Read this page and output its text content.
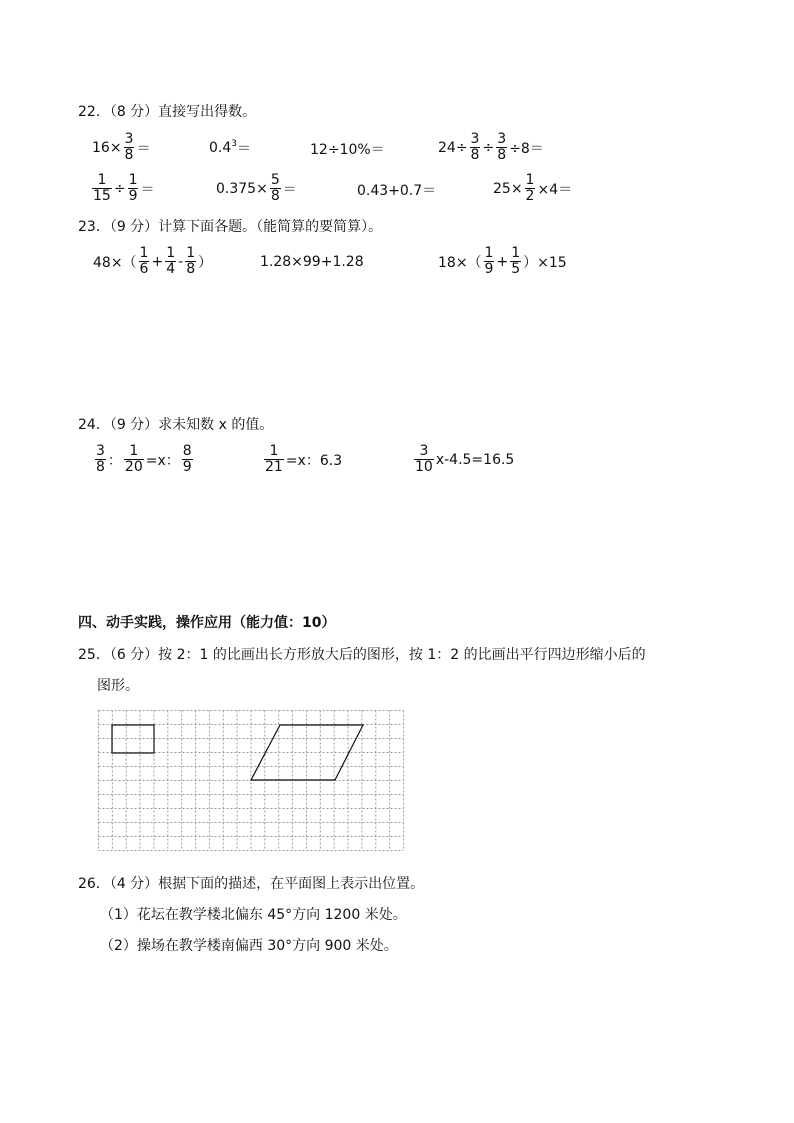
22．（8 分）直接写出得数。
$16\times \frac{3}{8}$ ＝	$0.4^3$ ＝	12÷10%＝	$24\div \frac{3}{8} \div \frac{3}{8} \div 8=$
$\frac{1}{15} \div \frac{1}{9}$ ＝	$0.375\times \frac{5}{8}$ ＝	0.43+0.7＝	$25\times \frac{1}{2} \times 4=$
23．（9 分）计算下面各题。（能简算的要简算）。
$48\times( \frac{1}{6} + \frac{1}{4} - \frac{1}{8}$ ）	1.28×99+1.28	$18\times( \frac{1}{9} + \frac{1}{5} )\times 15$
24．（9 分）求未知数 x 的值。
$\frac{3}{8}$ ： $\frac{1}{20} =x$： $\frac{8}{9}$	$\frac{1}{21} =x$：6.3	$\frac{3}{10} x-4.5=16.5$
四、动手实践，操作应用（能力值：10）
25．（6 分）按 2：1 的比画出长方形放大后的图形，按 1：2 的比画出平行四边形缩小后的
图形。
26．（4 分）根据下面的描述，在平面图上表示出位置。
（1）花坛在教学楼北偏东 45°方向 1200 米处。
（2）操场在教学楼南偏西 30°方向 900 米处。
